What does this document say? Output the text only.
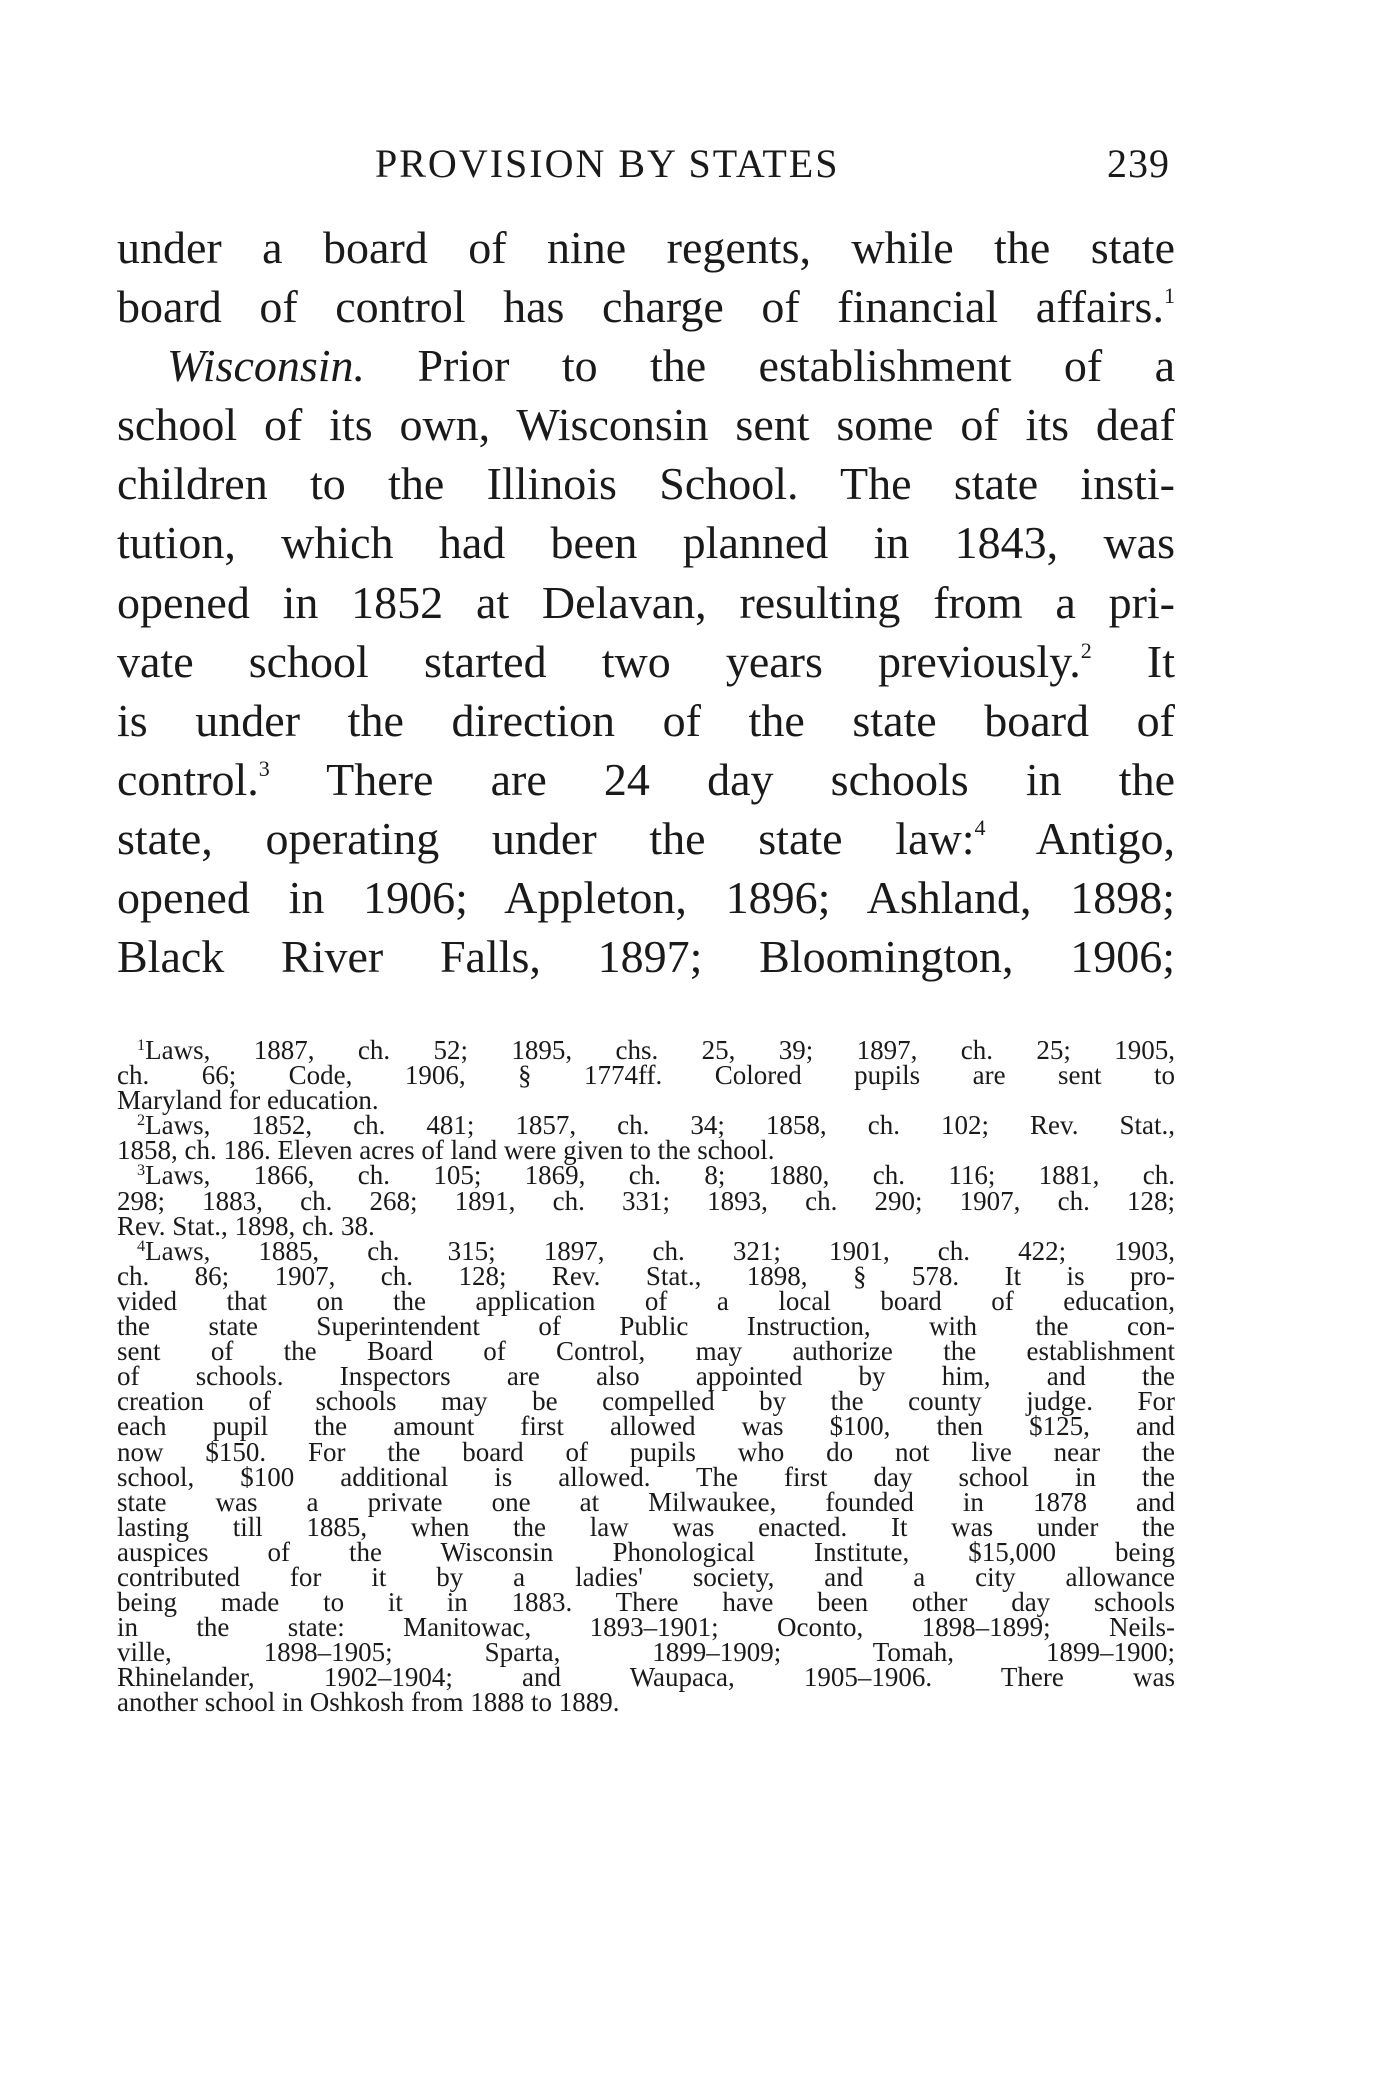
PROVISION BY STATES	239
under a board of nine regents, while the state
board of control has charge of financial affairs.$^1$
Wisconsin. Prior to the establishment of a
school of its own, Wisconsin sent some of its deaf
children to the Illinois School. The state insti-
tution, which had been planned in 1843, was
opened in 1852 at Delavan, resulting from a pri-
vate school started two years previously.$^2$ It
is under the direction of the state board of
control.$^3$ There are 24 day schools in the
state, operating under the state law:$^4$ Antigo,
opened in 1906; Appleton, 1896; Ashland, 1898;
Black River Falls, 1897; Bloomington, 1906;
$^1$Laws, 1887, ch. 52; 1895, chs. 25, 39; 1897, ch. 25; 1905,
ch. 66; Code, 1906, § 1774ff. Colored pupils are sent to
Maryland for education.
$^2$Laws, 1852, ch. 481; 1857, ch. 34; 1858, ch. 102; Rev. Stat.,
1858, ch. 186. Eleven acres of land were given to the school.
$^3$Laws, 1866, ch. 105; 1869, ch. 8; 1880, ch. 116; 1881, ch.
298; 1883, ch. 268; 1891, ch. 331; 1893, ch. 290; 1907, ch. 128;
Rev. Stat., 1898, ch. 38.
$^4$Laws, 1885, ch. 315; 1897, ch. 321; 1901, ch. 422; 1903,
ch. 86; 1907, ch. 128; Rev. Stat., 1898, § 578. It is pro-
vided that on the application of a local board of education,
the state Superintendent of Public Instruction, with the con-
sent of the Board of Control, may authorize the establishment
of schools. Inspectors are also appointed by him, and the
creation of schools may be compelled by the county judge. For
each pupil the amount first allowed was $100, then $125, and
now $150. For the board of pupils who do not live near the
school, $100 additional is allowed. The first day school in the
state was a private one at Milwaukee, founded in 1878 and
lasting till 1885, when the law was enacted. It was under the
auspices of the Wisconsin Phonological Institute, $15,000 being
contributed for it by a ladies' society, and a city allowance
being made to it in 1883. There have been other day schools
in the state: Manitowac, 1893–1901; Oconto, 1898–1899; Neils-
ville, 1898–1905; Sparta, 1899–1909; Tomah, 1899–1900;
Rhinelander, 1902–1904; and Waupaca, 1905–1906. There was
another school in Oshkosh from 1888 to 1889.
